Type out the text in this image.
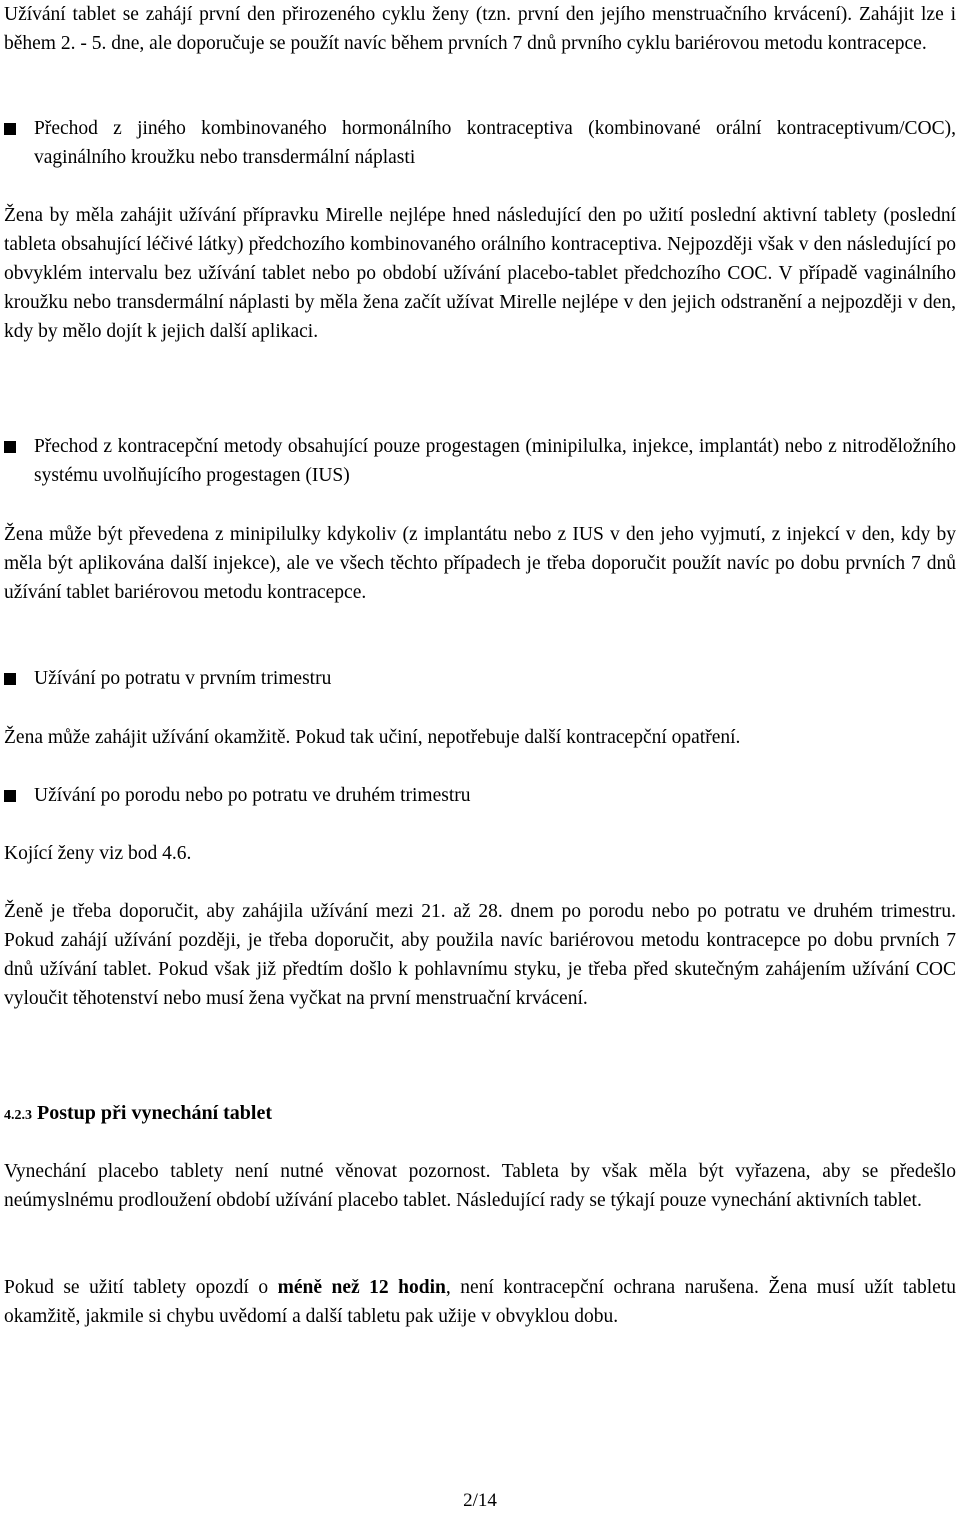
Užívání tablet se zahájí první den přirozeného cyklu ženy (tzn. první den jejího menstruačního krvácení). Zahájit lze i během 2. - 5. dne, ale doporučuje se použít navíc během prvních 7 dnů prvního cyklu bariérovou metodu kontracepce.

Přechod z jiného kombinovaného hormonálního kontraceptiva (kombinované orální kontraceptivum/COC), vaginálního kroužku nebo transdermální náplasti

Žena by měla zahájit užívání přípravku Mirelle nejlépe hned následující den po užití poslední aktivní tablety (poslední tableta obsahující léčivé látky) předchozího kombinovaného orálního kontraceptiva. Nejpozději však v den následující po obvyklém intervalu bez užívání tablet nebo po období užívání placebo-tablet předchozího COC. V případě vaginálního kroužku nebo transdermální náplasti by měla žena začít užívat Mirelle nejlépe v den jejich odstranění a nejpozději v den, kdy by mělo dojít k jejich další aplikaci.

Přechod z kontracepční metody obsahující pouze progestagen (minipilulka, injekce, implantát) nebo z nitroděložního systému uvolňujícího progestagen (IUS)

Žena může být převedena z minipilulky kdykoliv (z implantátu nebo z IUS v den jeho vyjmutí, z injekcí v den, kdy by měla být aplikována další injekce), ale ve všech těchto případech je třeba doporučit použít navíc po dobu prvních 7 dnů užívání tablet bariérovou metodu kontracepce.

Užívání po potratu v prvním trimestru

Žena může zahájit užívání okamžitě. Pokud tak učiní, nepotřebuje další kontracepční opatření.

Užívání po porodu nebo po potratu ve druhém trimestru

Kojící ženy viz bod 4.6.

Ženě je třeba doporučit, aby zahájila užívání mezi 21. až 28. dnem po porodu nebo po potratu ve druhém trimestru. Pokud zahájí užívání později, je třeba doporučit, aby použila navíc bariérovou metodu kontracepce po dobu prvních 7 dnů užívání tablet. Pokud však již předtím došlo k pohlavnímu styku, je třeba před skutečným zahájením užívání COC vyloučit těhotenství nebo musí žena vyčkat na první menstruační krvácení.

4.2.3 Postup při vynechání tablet

Vynechání placebo tablety není nutné věnovat pozornost. Tableta by však měla být vyřazena, aby se předešlo neúmyslnému prodloužení období užívání placebo tablet. Následující rady se týkají pouze vynechání aktivních tablet.

Pokud se užití tablety opozdí o méně než 12 hodin, není kontracepční ochrana narušena. Žena musí užít tabletu okamžitě, jakmile si chybu uvědomí a další tabletu pak užije v obvyklou dobu.

2/14
